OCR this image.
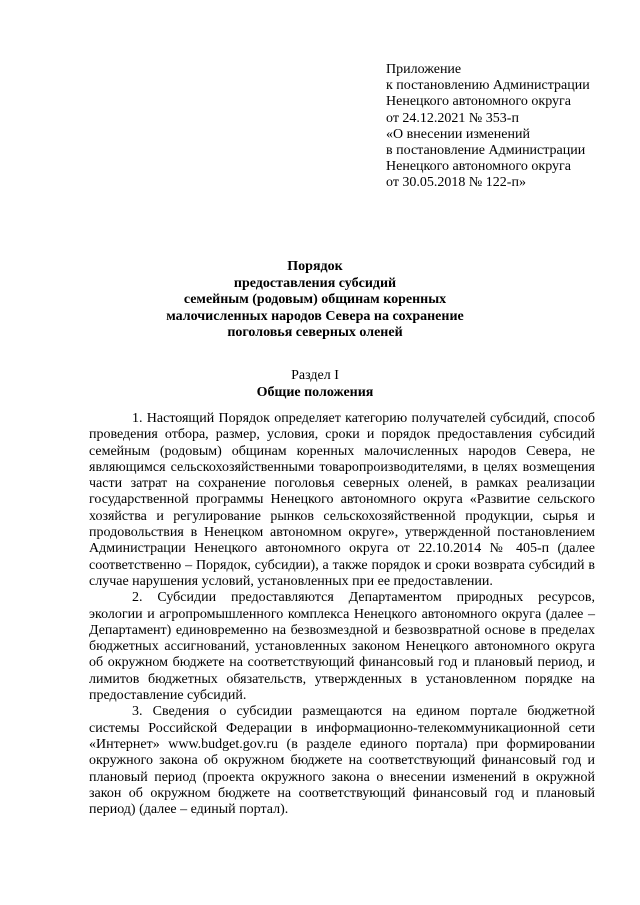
Приложение
к постановлению Администрации
Ненецкого автономного округа
от 24.12.2021 № 353-п
«О внесении изменений
в постановление Администрации
Ненецкого автономного округа
от 30.05.2018 № 122-п»
Порядок
предоставления субсидий
семейным (родовым) общинам коренных
малочисленных народов Севера на сохранение
поголовья северных оленей
Раздел I
Общие положения

1. Настоящий Порядок определяет категорию получателей субсидий, способ проведения отбора, размер, условия, сроки и порядок предоставления субсидий семейным (родовым) общинам коренных малочисленных народов Севера, не являющимся сельскохозяйственными товаропроизводителями, в целях возмещения части затрат на сохранение поголовья северных оленей, в рамках реализации государственной программы Ненецкого автономного округа «Развитие сельского хозяйства и регулирование рынков сельскохозяйственной продукции, сырья и продовольствия в Ненецком автономном округе», утвержденной постановлением Администрации Ненецкого автономного округа от 22.10.2014 № 405-п (далее соответственно – Порядок, субсидии), а также порядок и сроки возврата субсидий в случае нарушения условий, установленных при ее предоставлении.

2. Субсидии предоставляются Департаментом природных ресурсов, экологии и агропромышленного комплекса Ненецкого автономного округа (далее – Департамент) единовременно на безвозмездной и безвозвратной основе в пределах бюджетных ассигнований, установленных законом Ненецкого автономного округа об окружном бюджете на соответствующий финансовый год и плановый период, и лимитов бюджетных обязательств, утвержденных в установленном порядке на предоставление субсидий.

3. Сведения о субсидии размещаются на едином портале бюджетной системы Российской Федерации в информационно-телекоммуникационной сети «Интернет» www.budget.gov.ru (в разделе единого портала) при формировании окружного закона об окружном бюджете на соответствующий финансовый год и плановый период (проекта окружного закона о внесении изменений в окружной закон об окружном бюджете на соответствующий финансовый год и плановый период) (далее – единый портал).
